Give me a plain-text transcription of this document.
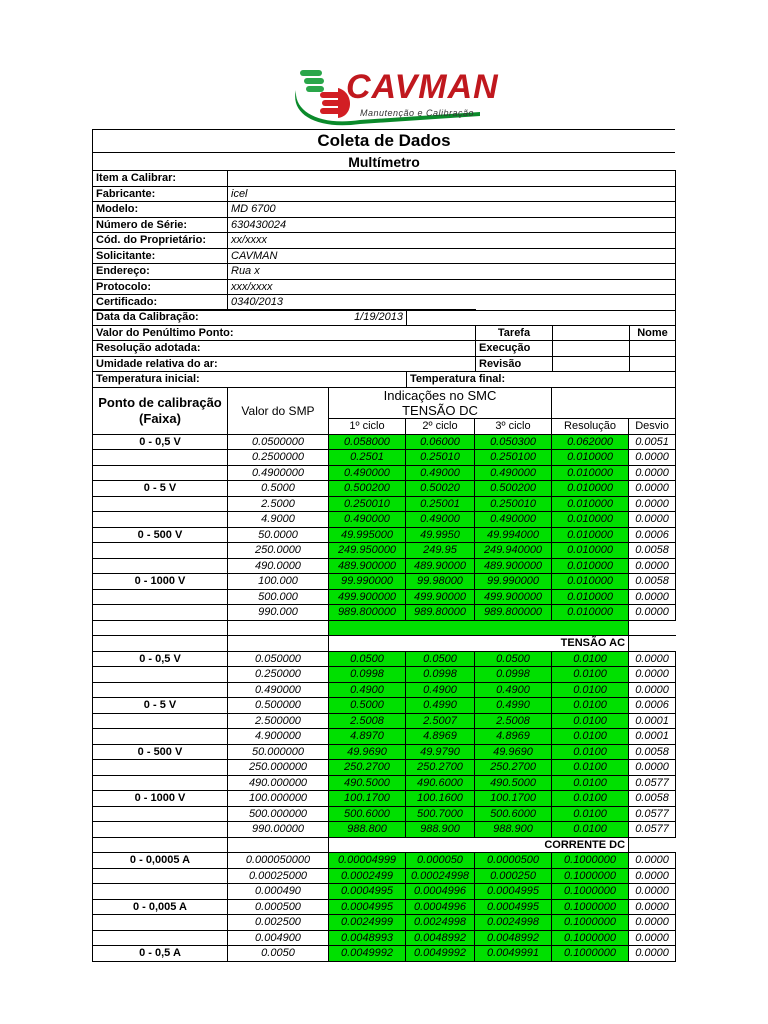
CAVMAN
Manutenção e Calibração
Coleta de Dados
Multímetro
Item a Calibrar:	
Fabricante:	icel
Modelo:	MD 6700
Número de Série:	630430024
Cód. do Proprietário:	xx/xxxx
Solicitante:	CAVMAN
Endereço:	Rua x
Protocolo:	xxx/xxxx
Certificado:	0340/2013
Data da Calibração:	1/19/2013				
Valor do Penúltimo Ponto:			Tarefa		Nome
Resolução adotada:			Execução		
Umidade relativa do ar:			Revisão		
Temperatura inicial:		Temperatura final:			
Ponto de calibração (Faixa)	Valor do SMP	Indicações no SMC
TENSÃO DC				

		1º ciclo	2º ciclo	3º ciclo	Resolução	Desvio
0 - 0,5 V	0.0500000	0.058000	0.06000	0.050300	0.062000	0.0051
	0.2500000	0.2501	0.25010	0.250100	0.010000	0.0000
	0.4900000	0.490000	0.49000	0.490000	0.010000	0.0000
0 - 5 V	0.5000	0.500200	0.50020	0.500200	0.010000	0.0000
	2.5000	0.250010	0.25001	0.250010	0.010000	0.0000
	4.9000	0.490000	0.49000	0.490000	0.010000	0.0000
0 - 500 V	50.0000	49.995000	49.9950	49.994000	0.010000	0.0006
	250.0000	249.950000	249.95	249.940000	0.010000	0.0058
	490.0000	489.900000	489.90000	489.900000	0.010000	0.0000
0 - 1000 V	100.000	99.990000	99.98000	99.990000	0.010000	0.0058
	500.000	499.900000	499.90000	499.900000	0.010000	0.0000
	990.000	989.800000	989.80000	989.800000	0.010000	0.0000

		TENSÃO AC				
0 - 0,5 V	0.050000	0.0500	0.0500	0.0500	0.0100	0.0000
	0.250000	0.0998	0.0998	0.0998	0.0100	0.0000
	0.490000	0.4900	0.4900	0.4900	0.0100	0.0000
0 - 5 V	0.500000	0.5000	0.4990	0.4990	0.0100	0.0006
	2.500000	2.5008	2.5007	2.5008	0.0100	0.0001
	4.900000	4.8970	4.8969	4.8969	0.0100	0.0001
0 - 500 V	50.000000	49.9690	49.9790	49.9690	0.0100	0.0058
	250.000000	250.2700	250.2700	250.2700	0.0100	0.0000
	490.000000	490.5000	490.6000	490.5000	0.0100	0.0577
0 - 1000 V	100.000000	100.1700	100.1600	100.1700	0.0100	0.0058
	500.000000	500.6000	500.7000	500.6000	0.0100	0.0577
	990.00000	988.800	988.900	988.900	0.0100	0.0577
		CORRENTE DC				
0 - 0,0005 A	0.000050000	0.00004999	0.000050	0.0000500	0.1000000	0.0000
	0.00025000	0.0002499	0.00024998	0.000250	0.1000000	0.0000
	0.000490	0.0004995	0.0004996	0.0004995	0.1000000	0.0000
0 - 0,005 A	0.000500	0.0004995	0.0004996	0.0004995	0.1000000	0.0000
	0.002500	0.0024999	0.0024998	0.0024998	0.1000000	0.0000
	0.004900	0.0048993	0.0048992	0.0048992	0.1000000	0.0000
0 - 0,5 A	0.0050	0.0049992	0.0049992	0.0049991	0.1000000	0.0000
